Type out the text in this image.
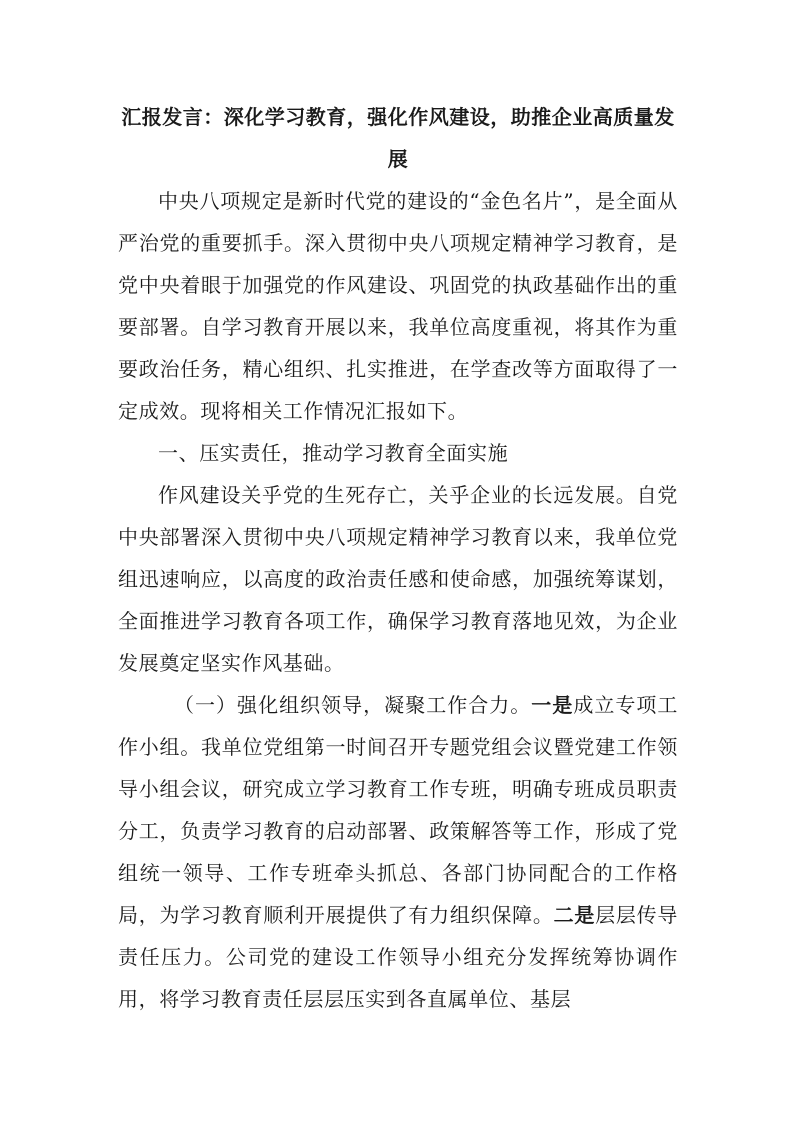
汇报发言：深化学习教育，强化作风建设，助推企业高质量发展

中央八项规定是新时代党的建设的“金色名片”，是全面从严治党的重要抓手。深入贯彻中央八项规定精神学习教育，是党中央着眼于加强党的作风建设、巩固党的执政基础作出的重要部署。自学习教育开展以来，我单位高度重视，将其作为重要政治任务，精心组织、扎实推进，在学查改等方面取得了一定成效。现将相关工作情况汇报如下。

一、压实责任，推动学习教育全面实施

作风建设关乎党的生死存亡，关乎企业的长远发展。自党中央部署深入贯彻中央八项规定精神学习教育以来，我单位党组迅速响应，以高度的政治责任感和使命感，加强统筹谋划，全面推进学习教育各项工作，确保学习教育落地见效，为企业发展奠定坚实作风基础。

（一）强化组织领导，凝聚工作合力。一是成立专项工作小组。我单位党组第一时间召开专题党组会议暨党建工作领导小组会议，研究成立学习教育工作专班，明确专班成员职责分工，负责学习教育的启动部署、政策解答等工作，形成了党组统一领导、工作专班牵头抓总、各部门协同配合的工作格局，为学习教育顺利开展提供了有力组织保障。二是层层传导责任压力。公司党的建设工作领导小组充分发挥统筹协调作用，将学习教育责任层层压实到各直属单位、基层
